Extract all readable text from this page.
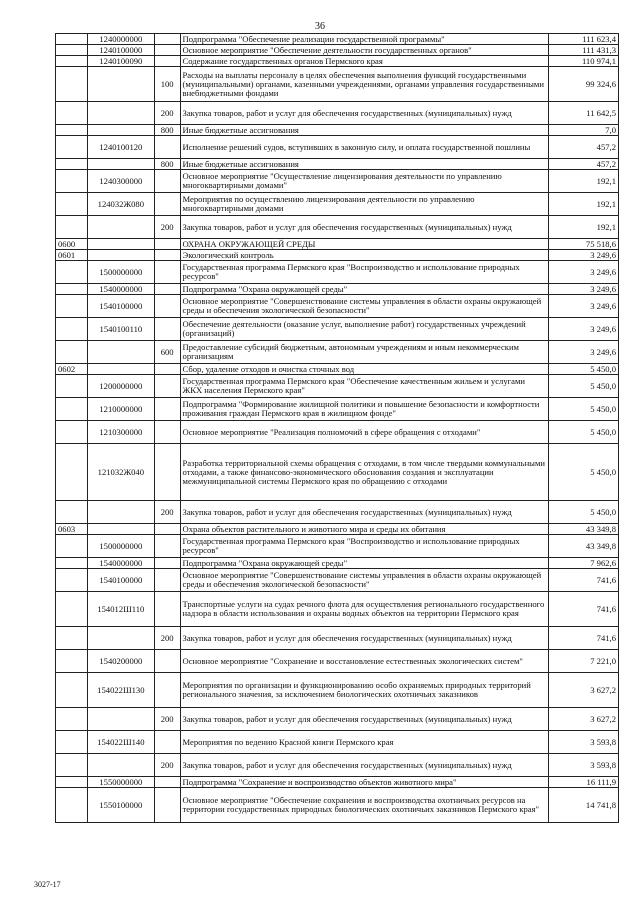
36
	1240000000		Подпрограмма "Обеспечение реализации государственной программы"	111 623,4
	1240100000		Основное мероприятие "Обеспечение деятельности государственных органов"	111 431,3
	1240100090		Содержание государственных органов Пермского края	110 974,1
		100	Расходы на выплаты персоналу в целях обеспечения выполнения функций государственными (муниципальными) органами, казенными учреждениями, органами управления государственными внебюджетными фондами	99 324,6
		200	Закупка товаров, работ и услуг для обеспечения государственных (муниципальных) нужд	11 642,5
		800	Иные бюджетные ассигнования	7,0
	1240100120		Исполнение решений судов, вступивших в законную силу, и оплата государственной пошлины	457,2
		800	Иные бюджетные ассигнования	457,2
	1240300000		Основное мероприятие "Осуществление лицензирования деятельности по управлению многоквартирными домами"	192,1
	124032Ж080		Мероприятия по осуществлению лицензирования деятельности по управлению многоквартирными домами	192,1
		200	Закупка товаров, работ и услуг для обеспечения государственных (муниципальных) нужд	192,1
0600			ОХРАНА ОКРУЖАЮЩЕЙ СРЕДЫ	75 518,6
0601			Экологический контроль	3 249,6
	1500000000		Государственная программа Пермского края "Воспроизводство и использование природных ресурсов"	3 249,6
	1540000000		Подпрограмма "Охрана окружающей среды"	3 249,6
	1540100000		Основное мероприятие "Совершенствование системы управления в области охраны окружающей среды и обеспечения экологической безопасности"	3 249,6
	1540100110		Обеспечение деятельности (оказание услуг, выполнение работ) государственных учреждений (организаций)	3 249,6
		600	Предоставление субсидий бюджетным, автономным учреждениям и иным некоммерческим организациям	3 249,6
0602			Сбор, удаление отходов и очистка сточных вод	5 450,0
	1200000000		Государственная программа Пермского края "Обеспечение качественным жильем и услугами ЖКХ населения Пермского края"	5 450,0
	1210000000		Подпрограмма "Формирование жилищной политики и повышение безопасности и комфортности проживания граждан Пермского края в жилищном фонде"	5 450,0
	1210300000		Основное мероприятие "Реализация полномочий в сфере обращения с отходами"	5 450,0
	121032Ж040		Разработка территориальной схемы обращения с отходами, в том числе твердыми коммунальными отходами, а также финансово-экономического обоснования создания и эксплуатации межмуниципальной системы Пермского края по обращению с отходами	5 450,0
		200	Закупка товаров, работ и услуг для обеспечения государственных (муниципальных) нужд	5 450,0
0603			Охрана объектов растительного и животного мира и среды их обитания	43 349,8
	1500000000		Государственная программа Пермского края "Воспроизводство и использование природных ресурсов"	43 349,8
	1540000000		Подпрограмма "Охрана окружающей среды"	7 962,6
	1540100000		Основное мероприятие "Совершенствование системы управления в области охраны окружающей среды и обеспечения экологической безопасности"	741,6
	154012Ш110		Транспортные услуги на судах речного флота для осуществления регионального государственного надзора в области использования и охраны водных объектов на территории Пермского края	741,6
		200	Закупка товаров, работ и услуг для обеспечения государственных (муниципальных) нужд	741,6
	1540200000		Основное мероприятие "Сохранение и восстановление естественных экологических систем"	7 221,0
	154022Ш130		Мероприятия по организации и функционированию особо охраняемых природных территорий регионального значения, за исключением биологических охотничьих заказников	3 627,2
		200	Закупка товаров, работ и услуг для обеспечения государственных (муниципальных) нужд	3 627,2
	154022Ш140		Мероприятия по ведению Красной книги Пермского края	3 593,8
		200	Закупка товаров, работ и услуг для обеспечения государственных (муниципальных) нужд	3 593,8
	1550000000		Подпрограмма "Сохранение и воспроизводство объектов животного мира"	16 111,9
	1550100000		Основное мероприятие "Обеспечение сохранения и воспроизводства охотничьих ресурсов на территории государственных природных биологических охотничьих заказников Пермского края"	14 741,8
3027-17
